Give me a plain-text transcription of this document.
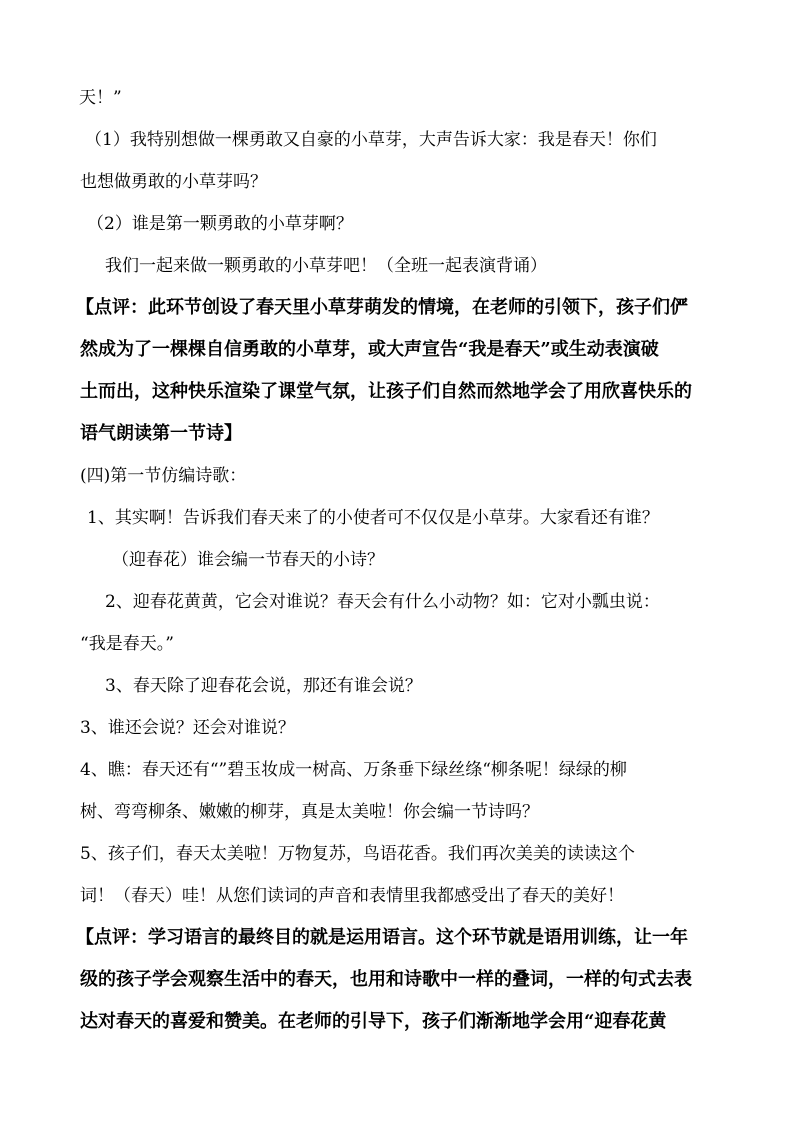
天！”
（1）我特别想做一棵勇敢又自豪的小草芽，大声告诉大家：我是春天！你们
也想做勇敢的小草芽吗？
（2）谁是第一颗勇敢的小草芽啊？
我们一起来做一颗勇敢的小草芽吧！（全班一起表演背诵）
【点评：此环节创设了春天里小草芽萌发的情境，在老师的引领下，孩子们俨
然成为了一棵棵自信勇敢的小草芽，或大声宣告“我是春天”或生动表演破
土而出，这种快乐渲染了课堂气氛，让孩子们自然而然地学会了用欣喜快乐的
语气朗读第一节诗】
(四)第一节仿编诗歌：
1、其实啊！告诉我们春天来了的小使者可不仅仅是小草芽。大家看还有谁？
（迎春花）谁会编一节春天的小诗？
2、迎春花黄黄，它会对谁说？春天会有什么小动物？如：它对小瓢虫说：
“我是春天。”
3、春天除了迎春花会说，那还有谁会说？
3、谁还会说？还会对谁说？
4、瞧：春天还有“”碧玉妆成一树高、万条垂下绿丝绦“柳条呢！绿绿的柳
树、弯弯柳条、嫩嫩的柳芽，真是太美啦！你会编一节诗吗？
5、孩子们，春天太美啦！万物复苏，鸟语花香。我们再次美美的读读这个
词！（春天）哇！从您们读词的声音和表情里我都感受出了春天的美好！
【点评：学习语言的最终目的就是运用语言。这个环节就是语用训练，让一年
级的孩子学会观察生活中的春天，也用和诗歌中一样的叠词，一样的句式去表
达对春天的喜爱和赞美。在老师的引导下，孩子们渐渐地学会用“迎春花黄
